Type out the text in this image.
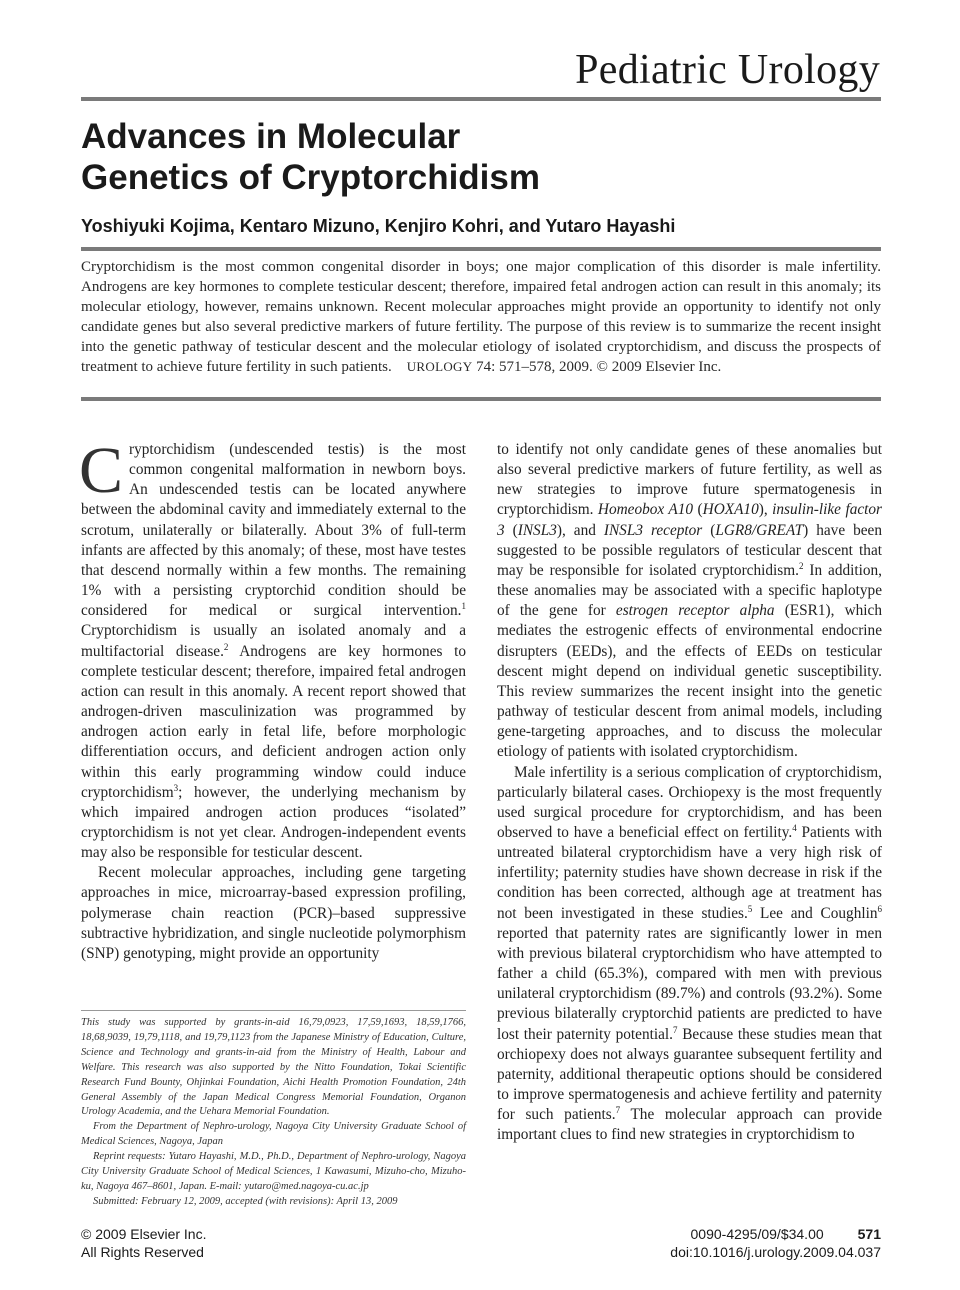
Pediatric Urology
Advances in Molecular
Genetics of Cryptorchidism
Yoshiyuki Kojima, Kentaro Mizuno, Kenjiro Kohri, and Yutaro Hayashi

Cryptorchidism is the most common congenital disorder in boys; one major complication of this disorder is male infertility. Androgens are key hormones to complete testicular descent; therefore, impaired fetal androgen action can result in this anomaly; its molecular etiology, however, remains unknown. Recent molecular approaches might provide an opportunity to identify not only candidate genes but also several predictive markers of future fertility. The purpose of this review is to summarize the recent insight into the genetic pathway of testicular descent and the molecular etiology of isolated cryptorchidism, and discuss the prospects of treatment to achieve future fertility in such patients. UROLOGY 74: 571–578, 2009. © 2009 Elsevier Inc.

Cryptorchidism (undescended testis) is the most common congenital malformation in newborn boys. An undescended testis can be located anywhere between the abdominal cavity and immediately external to the scrotum, unilaterally or bilaterally. About 3% of full-term infants are affected by this anomaly; of these, most have testes that descend normally within a few months. The remaining 1% with a persisting cryptorchid condition should be considered for medical or surgical intervention.$^1$ Cryptorchidism is usually an isolated anomaly and a multifactorial disease.$^2$ Androgens are key hormones to complete testicular descent; therefore, impaired fetal androgen action can result in this anomaly. A recent report showed that androgen-driven masculinization was programmed by androgen action early in fetal life, before morphologic differentiation occurs, and deficient androgen action only within this early programming window could induce cryptorchidism$^3$; however, the underlying mechanism by which impaired androgen action produces “isolated” cryptorchidism is not yet clear. Androgen-independent events may also be responsible for testicular descent.

Recent molecular approaches, including gene targeting approaches in mice, microarray-based expression profiling, polymerase chain reaction (PCR)–based suppressive subtractive hybridization, and single nucleotide polymorphism (SNP) genotyping, might provide an opportunity

to identify not only candidate genes of these anomalies but also several predictive markers of future fertility, as well as new strategies to improve future spermatogenesis in cryptorchidism. Homeobox A10 (HOXA10), insulin-like factor 3 (INSL3), and INSL3 receptor (LGR8/GREAT) have been suggested to be possible regulators of testicular descent that may be responsible for isolated cryptorchidism.$^2$ In addition, these anomalies may be associated with a specific haplotype of the gene for estrogen receptor alpha (ESR1), which mediates the estrogenic effects of environmental endocrine disrupters (EEDs), and the effects of EEDs on testicular descent might depend on individual genetic susceptibility. This review summarizes the recent insight into the genetic pathway of testicular descent from animal models, including gene-targeting approaches, and to discuss the molecular etiology of patients with isolated cryptorchidism.

Male infertility is a serious complication of cryptorchidism, particularly bilateral cases. Orchiopexy is the most frequently used surgical procedure for cryptorchidism, and has been observed to have a beneficial effect on fertility.$^4$ Patients with untreated bilateral cryptorchidism have a very high risk of infertility; paternity studies have shown decrease in risk if the condition has been corrected, although age at treatment has not been investigated in these studies.$^5$ Lee and Coughlin$^6$ reported that paternity rates are significantly lower in men with previous bilateral cryptorchidism who have attempted to father a child (65.3%), compared with men with previous unilateral cryptorchidism (89.7%) and controls (93.2%). Some previous bilaterally cryptorchid patients are predicted to have lost their paternity potential.$^7$ Because these studies mean that orchiopexy does not always guarantee subsequent fertility and paternity, additional therapeutic options should be considered to improve spermatogenesis and achieve fertility and paternity for such patients.$^7$ The molecular approach can provide important clues to find new strategies in cryptorchidism to

This study was supported by grants-in-aid 16,79,0923, 17,59,1693, 18,59,1766, 18,68,9039, 19,79,1118, and 19,79,1123 from the Japanese Ministry of Education, Culture, Science and Technology and grants-in-aid from the Ministry of Health, Labour and Welfare. This research was also supported by the Nitto Foundation, Tokai Scientific Research Fund Bounty, Ohjinkai Foundation, Aichi Health Promotion Foundation, 24th General Assembly of the Japan Medical Congress Memorial Foundation, Organon Urology Academia, and the Uehara Memorial Foundation.

From the Department of Nephro-urology, Nagoya City University Graduate School of Medical Sciences, Nagoya, Japan

Reprint requests: Yutaro Hayashi, M.D., Ph.D., Department of Nephro-urology, Nagoya City University Graduate School of Medical Sciences, 1 Kawasumi, Mizuho-cho, Mizuho-ku, Nagoya 467–8601, Japan. E-mail: yutaro@med.nagoya-cu.ac.jp

Submitted: February 12, 2009, accepted (with revisions): April 13, 2009

© 2009 Elsevier Inc.
All Rights Reserved
0090-4295/09/$34.00 571
doi:10.1016/j.urology.2009.04.037
